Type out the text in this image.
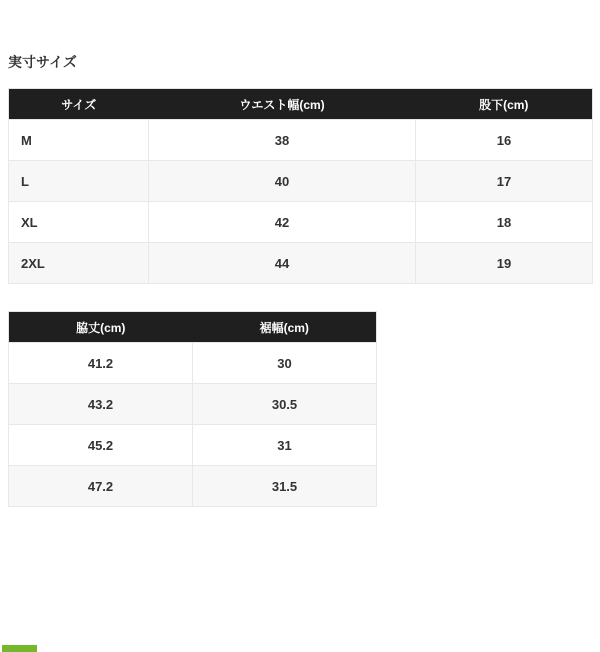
実寸サイズ
サイズ	ウエスト幅(cm)	股下(cm)
M	38	16
L	40	17
XL	42	18
2XL	44	19
脇丈(cm)	裾幅(cm)
41.2	30
43.2	30.5
45.2	31
47.2	31.5
